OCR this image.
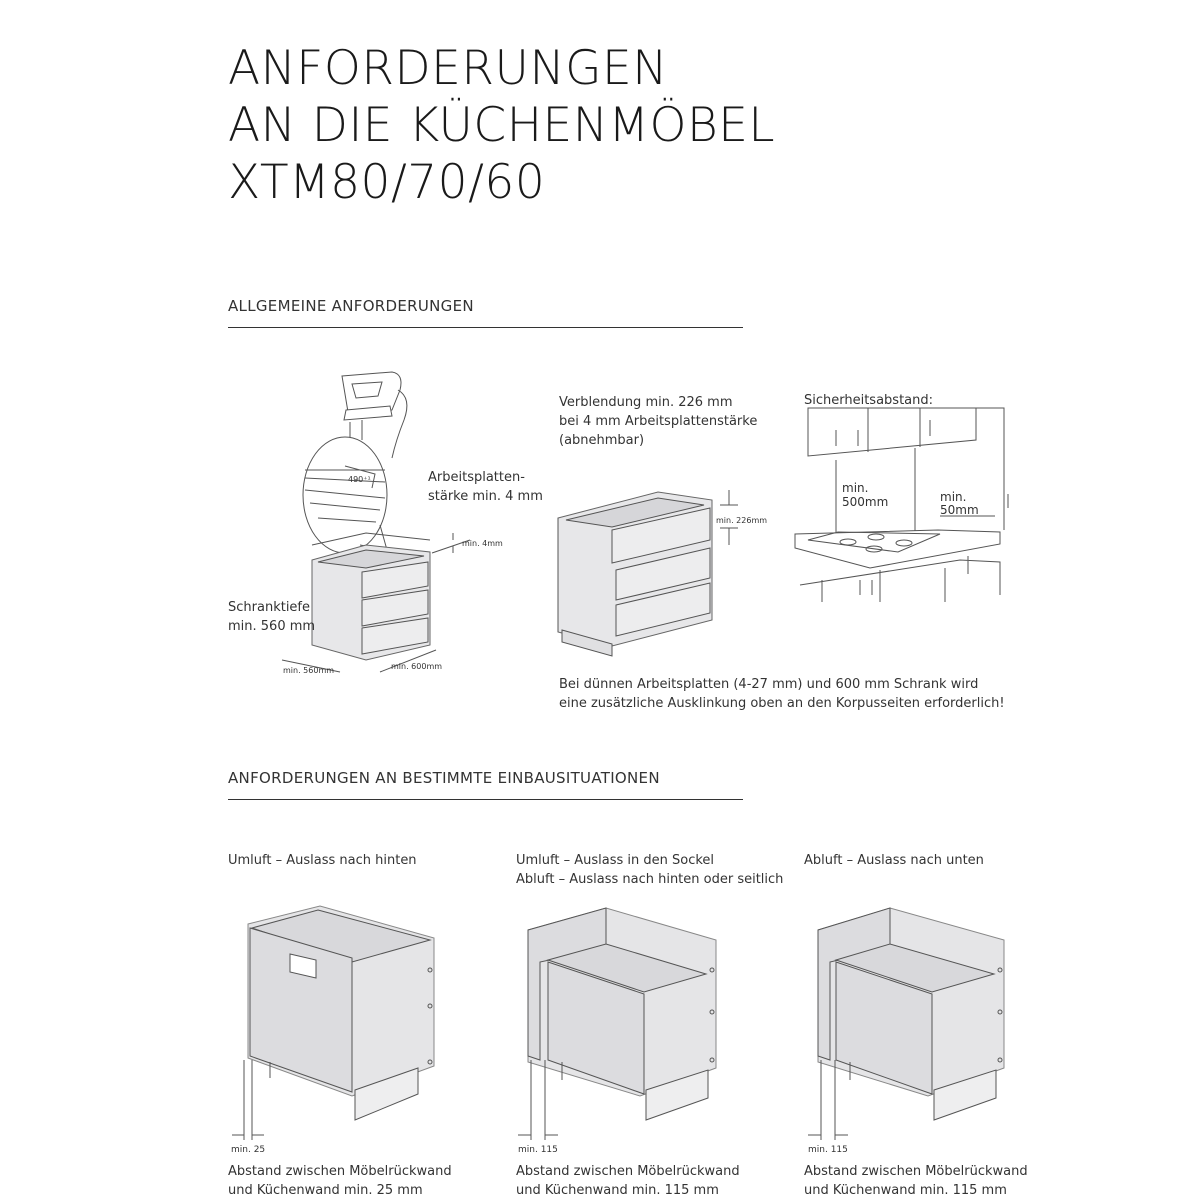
ANFORDERUNGEN
AN DIE KÜCHENMÖBEL
XTM80/70/60
ALLGEMEINE ANFORDERUNGEN
Arbeitsplatten-
stärke min. 4 mm
490⁺¹
min. 4mm
Schranktiefe
min. 560 mm
min. 560mm	min. 600mm
Verblendung min. 226 mm
bei 4 mm Arbeitsplattenstärke
(abnehmbar)
min. 226mm
Sicherheitsabstand:
min.
500mm	min.
50mm
Bei dünnen Arbeitsplatten (4-27 mm) und 600 mm Schrank wird
eine zusätzliche Ausklinkung oben an den Korpusseiten erforderlich!
ANFORDERUNGEN AN BESTIMMTE EINBAUSITUATIONEN
Umluft – Auslass nach hinten
min. 25
Abstand zwischen Möbelrückwand
und Küchenwand min. 25 mm
Umluft – Auslass in den Sockel
Abluft – Auslass nach hinten oder seitlich
min. 115
Abstand zwischen Möbelrückwand
und Küchenwand min. 115 mm
Abluft – Auslass nach unten
min. 115
Abstand zwischen Möbelrückwand
und Küchenwand min. 115 mm
